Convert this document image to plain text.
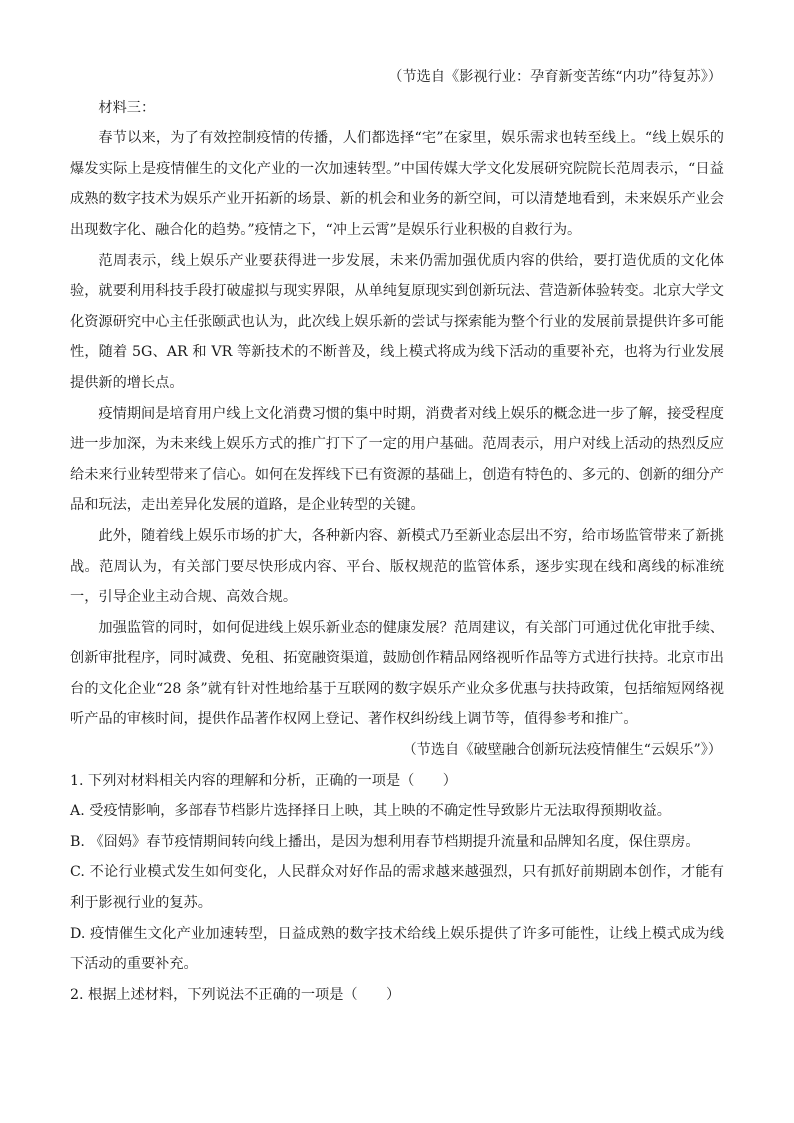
（节选自《影视行业：孕育新变苦练“内功”待复苏》）

材料三：

春节以来，为了有效控制疫情的传播，人们都选择“宅”在家里，娱乐需求也转至线上。“线上娱乐的爆发实际上是疫情催生的文化产业的一次加速转型。”中国传媒大学文化发展研究院院长范周表示，“日益成熟的数字技术为娱乐产业开拓新的场景、新的机会和业务的新空间，可以清楚地看到，未来娱乐产业会出现数字化、融合化的趋势。”疫情之下，“冲上云霄”是娱乐行业积极的自救行为。

范周表示，线上娱乐产业要获得进一步发展，未来仍需加强优质内容的供给，要打造优质的文化体验，就要利用科技手段打破虚拟与现实界限，从单纯复原现实到创新玩法、营造新体验转变。北京大学文化资源研究中心主任张颐武也认为，此次线上娱乐新的尝试与探索能为整个行业的发展前景提供许多可能性，随着 5G、AR 和 VR 等新技术的不断普及，线上模式将成为线下活动的重要补充，也将为行业发展提供新的增长点。

疫情期间是培育用户线上文化消费习惯的集中时期，消费者对线上娱乐的概念进一步了解，接受程度进一步加深，为未来线上娱乐方式的推广打下了一定的用户基础。范周表示，用户对线上活动的热烈反应给未来行业转型带来了信心。如何在发挥线下已有资源的基础上，创造有特色的、多元的、创新的细分产品和玩法，走出差异化发展的道路，是企业转型的关键。

此外，随着线上娱乐市场的扩大，各种新内容、新模式乃至新业态层出不穷，给市场监管带来了新挑战。范周认为，有关部门要尽快形成内容、平台、版权规范的监管体系，逐步实现在线和离线的标准统一，引导企业主动合规、高效合规。

加强监管的同时，如何促进线上娱乐新业态的健康发展？范周建议，有关部门可通过优化审批手续、创新审批程序，同时减费、免租、拓宽融资渠道，鼓励创作精品网络视听作品等方式进行扶持。北京市出台的文化企业“28 条”就有针对性地给基于互联网的数字娱乐产业众多优惠与扶持政策，包括缩短网络视听产品的审核时间，提供作品著作权网上登记、著作权纠纷线上调节等，值得参考和推广。

（节选自《破壁融合创新玩法疫情催生“云娱乐”》）

1. 下列对材料相关内容的理解和分析，正确的一项是（　　）

A. 受疫情影响，多部春节档影片选择择日上映，其上映的不确定性导致影片无法取得预期收益。

B. 《囧妈》春节疫情期间转向线上播出，是因为想利用春节档期提升流量和品牌知名度，保住票房。

C. 不论行业模式发生如何变化，人民群众对好作品的需求越来越强烈，只有抓好前期剧本创作，才能有利于影视行业的复苏。

D. 疫情催生文化产业加速转型，日益成熟的数字技术给线上娱乐提供了许多可能性，让线上模式成为线下活动的重要补充。

2. 根据上述材料，下列说法不正确的一项是（　　）
